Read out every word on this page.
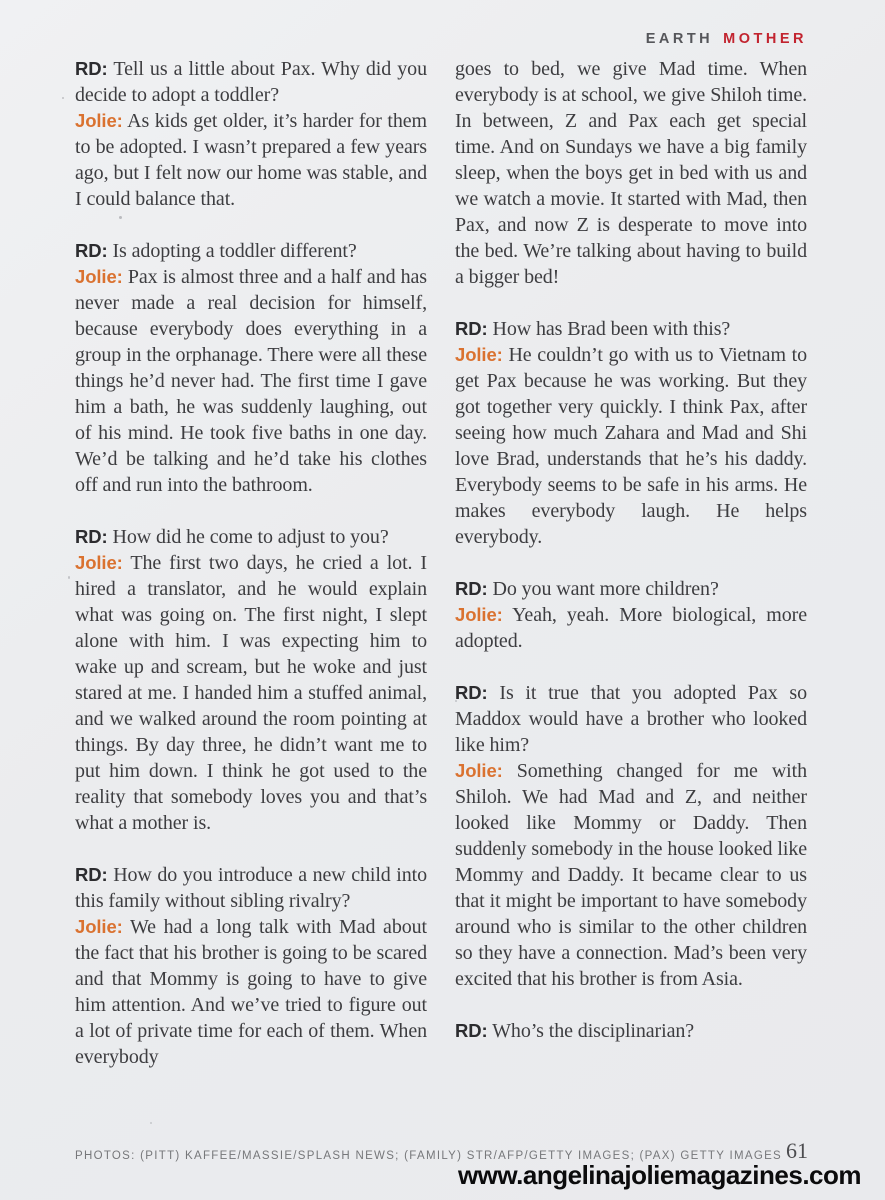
EARTH MOTHER

RD: Tell us a little about Pax. Why did you decide to adopt a toddler?

Jolie: As kids get older, it’s harder for them to be adopted. I wasn’t prepared a few years ago, but I felt now our home was stable, and I could balance that.

RD: Is adopting a toddler different?

Jolie: Pax is almost three and a half and has never made a real decision for himself, because everybody does everything in a group in the orphanage. There were all these things he’d never had. The first time I gave him a bath, he was suddenly laughing, out of his mind. He took five baths in one day. We’d be talking and he’d take his clothes off and run into the bathroom.

RD: How did he come to adjust to you?

Jolie: The first two days, he cried a lot. I hired a translator, and he would explain what was going on. The first night, I slept alone with him. I was expecting him to wake up and scream, but he woke and just stared at me. I handed him a stuffed animal, and we walked around the room pointing at things. By day three, he didn’t want me to put him down. I think he got used to the reality that somebody loves you and that’s what a mother is.

RD: How do you introduce a new child into this family without sibling rivalry?

Jolie: We had a long talk with Mad about the fact that his brother is going to be scared and that Mommy is going to have to give him attention. And we’ve tried to figure out a lot of private time for each of them. When everybody

goes to bed, we give Mad time. When everybody is at school, we give Shiloh time. In between, Z and Pax each get special time. And on Sundays we have a big family sleep, when the boys get in bed with us and we watch a movie. It started with Mad, then Pax, and now Z is desperate to move into the bed. We’re talking about having to build a bigger bed!

RD: How has Brad been with this?

Jolie: He couldn’t go with us to Vietnam to get Pax because he was working. But they got together very quickly. I think Pax, after seeing how much Zahara and Mad and Shi love Brad, understands that he’s his daddy. Everybody seems to be safe in his arms. He makes everybody laugh. He helps everybody.

RD: Do you want more children?

Jolie: Yeah, yeah. More biological, more adopted.

RD: Is it true that you adopted Pax so Maddox would have a brother who looked like him?

Jolie: Something changed for me with Shiloh. We had Mad and Z, and neither looked like Mommy or Daddy. Then suddenly somebody in the house looked like Mommy and Daddy. It became clear to us that it might be important to have somebody around who is similar to the other children so they have a connection. Mad’s been very excited that his brother is from Asia.

RD: Who’s the disciplinarian?

PHOTOS: (PITT) KAFFEE/MASSIE/SPLASH NEWS; (FAMILY) STR/AFP/GETTY IMAGES; (PAX) GETTY IMAGES 61
www.angelinajoliemagazines.com
